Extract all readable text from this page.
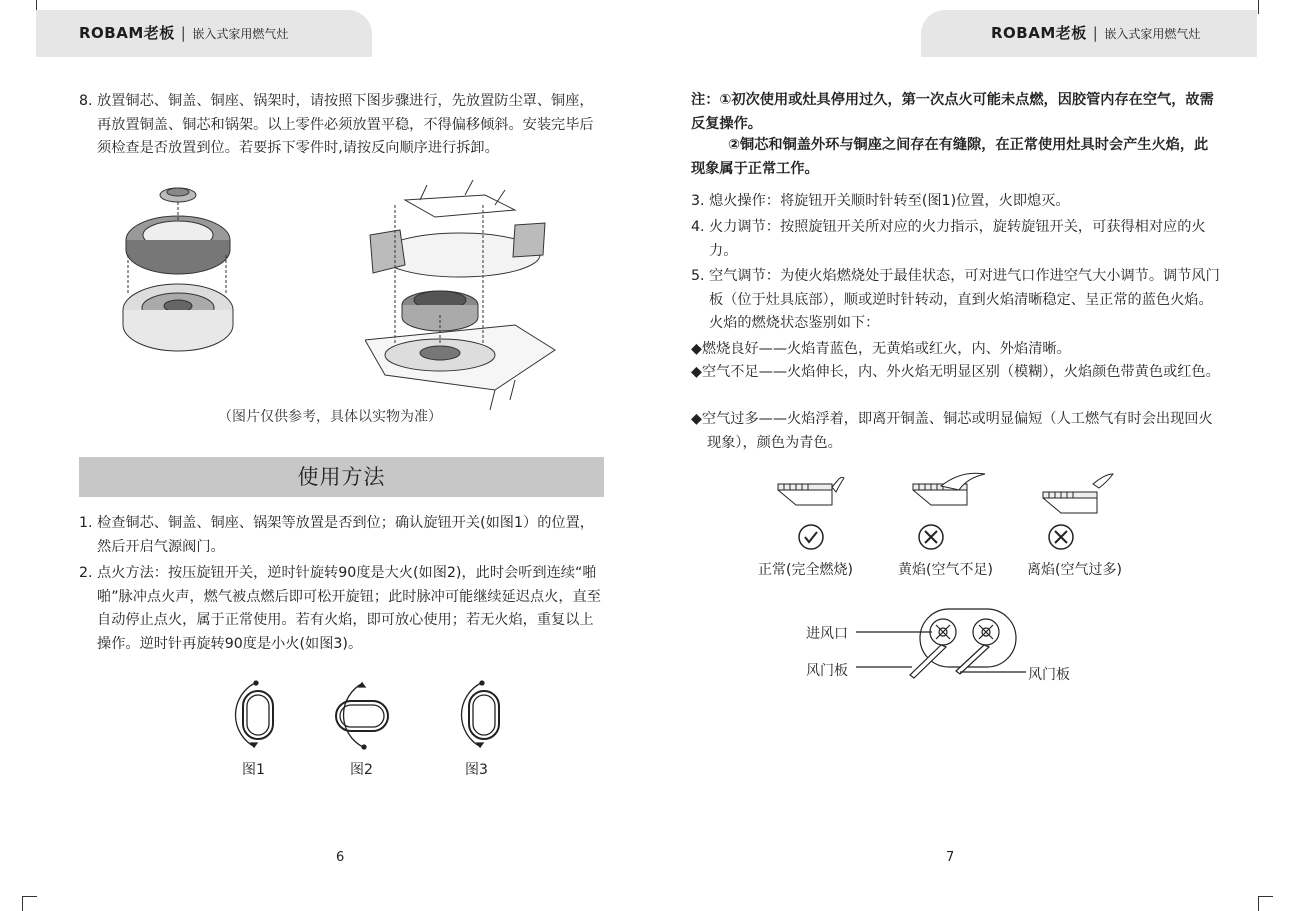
ROBAM老板 | 嵌入式家用燃气灶
8. 放置铜芯、铜盖、铜座、锅架时，请按照下图步骤进行，先放置防尘罩、铜座，再放置铜盖、铜芯和锅架。以上零件必须放置平稳，不得偏移倾斜。安装完毕后须检查是否放置到位。若要拆下零件时,请按反向顺序进行拆卸。
（图片仅供参考，具体以实物为准）
使用方法
1. 检查铜芯、铜盖、铜座、锅架等放置是否到位；确认旋钮开关(如图1）的位置，然后开启气源阀门。
2. 点火方法：按压旋钮开关，逆时针旋转90度是大火(如图2)，此时会听到连续“啪啪”脉冲点火声，燃气被点燃后即可松开旋钮；此时脉冲可能继续延迟点火，直至自动停止点火，属于正常使用。若有火焰，即可放心使用；若无火焰，重复以上操作。逆时针再旋转90度是小火(如图3)。
图1	图2	图3
6
ROBAM老板 | 嵌入式家用燃气灶
注：①初次使用或灶具停用过久，第一次点火可能未点燃，因胶管内存在空气，故需反复操作。
②铜芯和铜盖外环与铜座之间存在有缝隙，在正常使用灶具时会产生火焰，此现象属于正常工作。
3. 熄火操作：将旋钮开关顺时针转至(图1)位置，火即熄灭。
4. 火力调节：按照旋钮开关所对应的火力指示，旋转旋钮开关，可获得相对应的火力。
5. 空气调节：为使火焰燃烧处于最佳状态，可对进气口作进空气大小调节。调节风门板（位于灶具底部），顺或逆时针转动，直到火焰清晰稳定、呈正常的蓝色火焰。火焰的燃烧状态鉴别如下：
◆燃烧良好——火焰青蓝色，无黄焰或红火，内、外焰清晰。
◆空气不足——火焰伸长，内、外火焰无明显区别（模糊），火焰颜色带黄色或红色。
◆空气过多——火焰浮着，即离开铜盖、铜芯或明显偏短（人工燃气有时会出现回火现象），颜色为青色。
正常(完全燃烧)	黄焰(空气不足) 离焰(空气过多)
进风口
风门板	风门板
7
